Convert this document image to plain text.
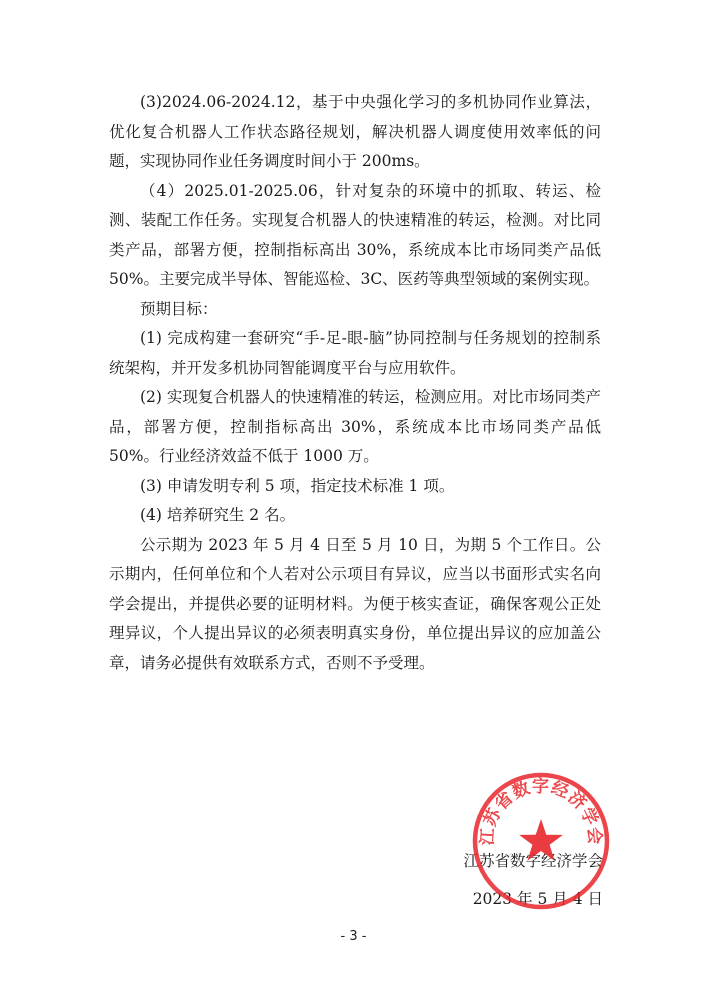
(3)2024.06-2024.12，基于中央强化学习的多机协同作业算法，优化复合机器人工作状态路径规划，解决机器人调度使用效率低的问题，实现协同作业任务调度时间小于 200ms。

（4）2025.01-2025.06，针对复杂的环境中的抓取、转运、检测、装配工作任务。实现复合机器人的快速精准的转运，检测。对比同类产品，部署方便，控制指标高出 30%，系统成本比市场同类产品低 50%。主要完成半导体、智能巡检、3C、医药等典型领域的案例实现。

预期目标：

(1) 完成构建一套研究“手-足-眼-脑”协同控制与任务规划的控制系统架构，并开发多机协同智能调度平台与应用软件。

(2) 实现复合机器人的快速精准的转运，检测应用。对比市场同类产品，部署方便，控制指标高出 30%，系统成本比市场同类产品低 50%。行业经济效益不低于 1000 万。

(3) 申请发明专利 5 项，指定技术标准 1 项。

(4) 培养研究生 2 名。

公示期为 2023 年 5 月 4 日至 5 月 10 日，为期 5 个工作日。公示期内，任何单位和个人若对公示项目有异议，应当以书面形式实名向学会提出，并提供必要的证明材料。为便于核实查证，确保客观公正处理异议，个人提出异议的必须表明真实身份，单位提出异议的应加盖公章，请务必提供有效联系方式，否则不予受理。

江苏省数字经济学会
2023 年 5 月 4 日
江苏省数字经济学会
- 3 -
